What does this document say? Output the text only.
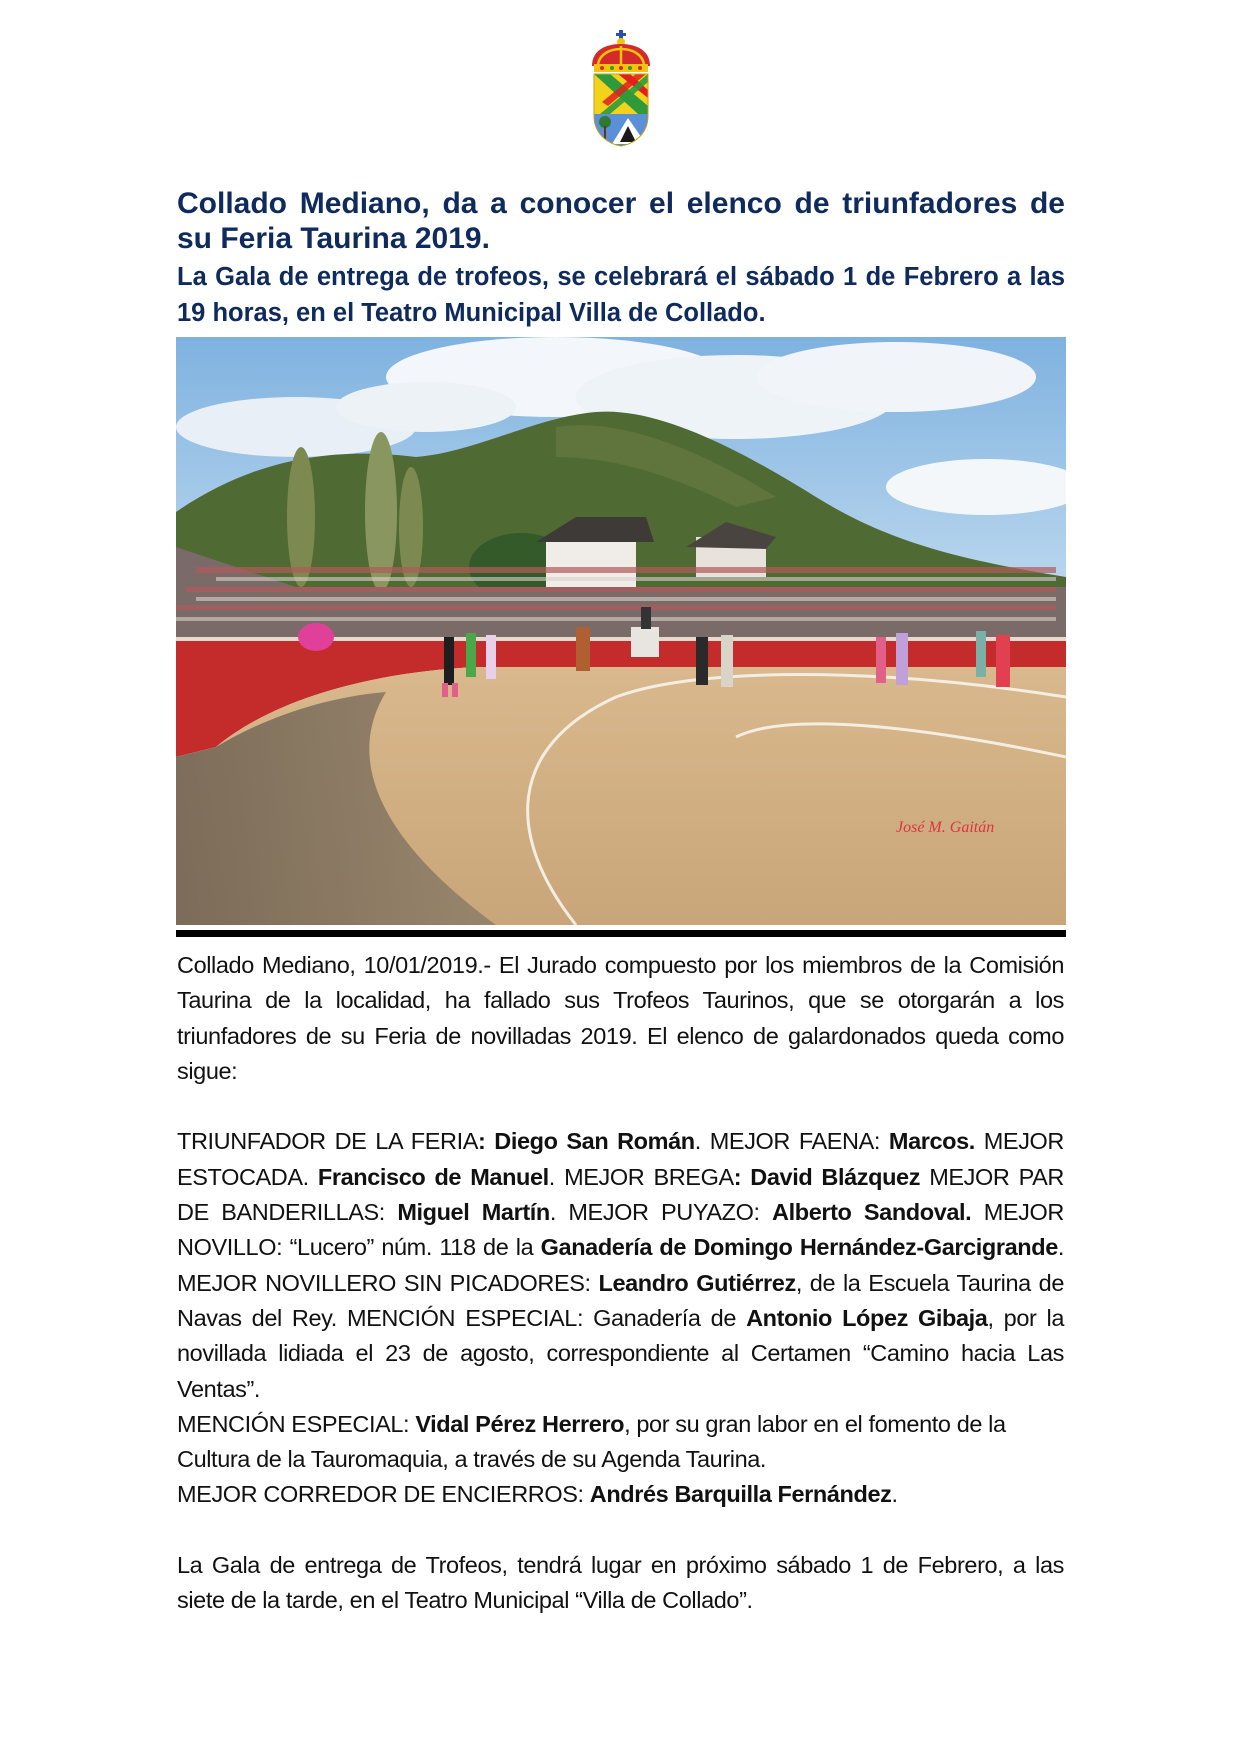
Collado Mediano, da a conocer el elenco de triunfadores de su Feria Taurina 2019.
La Gala de entrega de trofeos, se celebrará el sábado 1 de Febrero a las 19 horas, en el Teatro Municipal Villa de Collado.
José M. Gaitán

Collado Mediano, 10/01/2019.- El Jurado compuesto por los miembros de la Comisión Taurina de la localidad, ha fallado sus Trofeos Taurinos, que se otorgarán a los triunfadores de su Feria de novilladas 2019. El elenco de galardonados queda como sigue:

TRIUNFADOR DE LA FERIA: Diego San Román. MEJOR FAENA: Marcos. MEJOR ESTOCADA. Francisco de Manuel. MEJOR BREGA: David Blázquez MEJOR PAR DE BANDERILLAS: Miguel Martín. MEJOR PUYAZO: Alberto Sandoval. MEJOR NOVILLO: “Lucero” núm. 118 de la Ganadería de Domingo Hernández-Garcigrande. MEJOR NOVILLERO SIN PICADORES: Leandro Gutiérrez, de la Escuela Taurina de Navas del Rey. MENCIÓN ESPECIAL: Ganadería de Antonio López Gibaja, por la novillada lidiada el 23 de agosto, correspondiente al Certamen “Camino hacia Las Ventas”.

MENCIÓN ESPECIAL: Vidal Pérez Herrero, por su gran labor en el fomento de la Cultura de la Tauromaquia, a través de su Agenda Taurina.

MEJOR CORREDOR DE ENCIERROS: Andrés Barquilla Fernández.

La Gala de entrega de Trofeos, tendrá lugar en próximo sábado 1 de Febrero, a las siete de la tarde, en el Teatro Municipal “Villa de Collado”.
